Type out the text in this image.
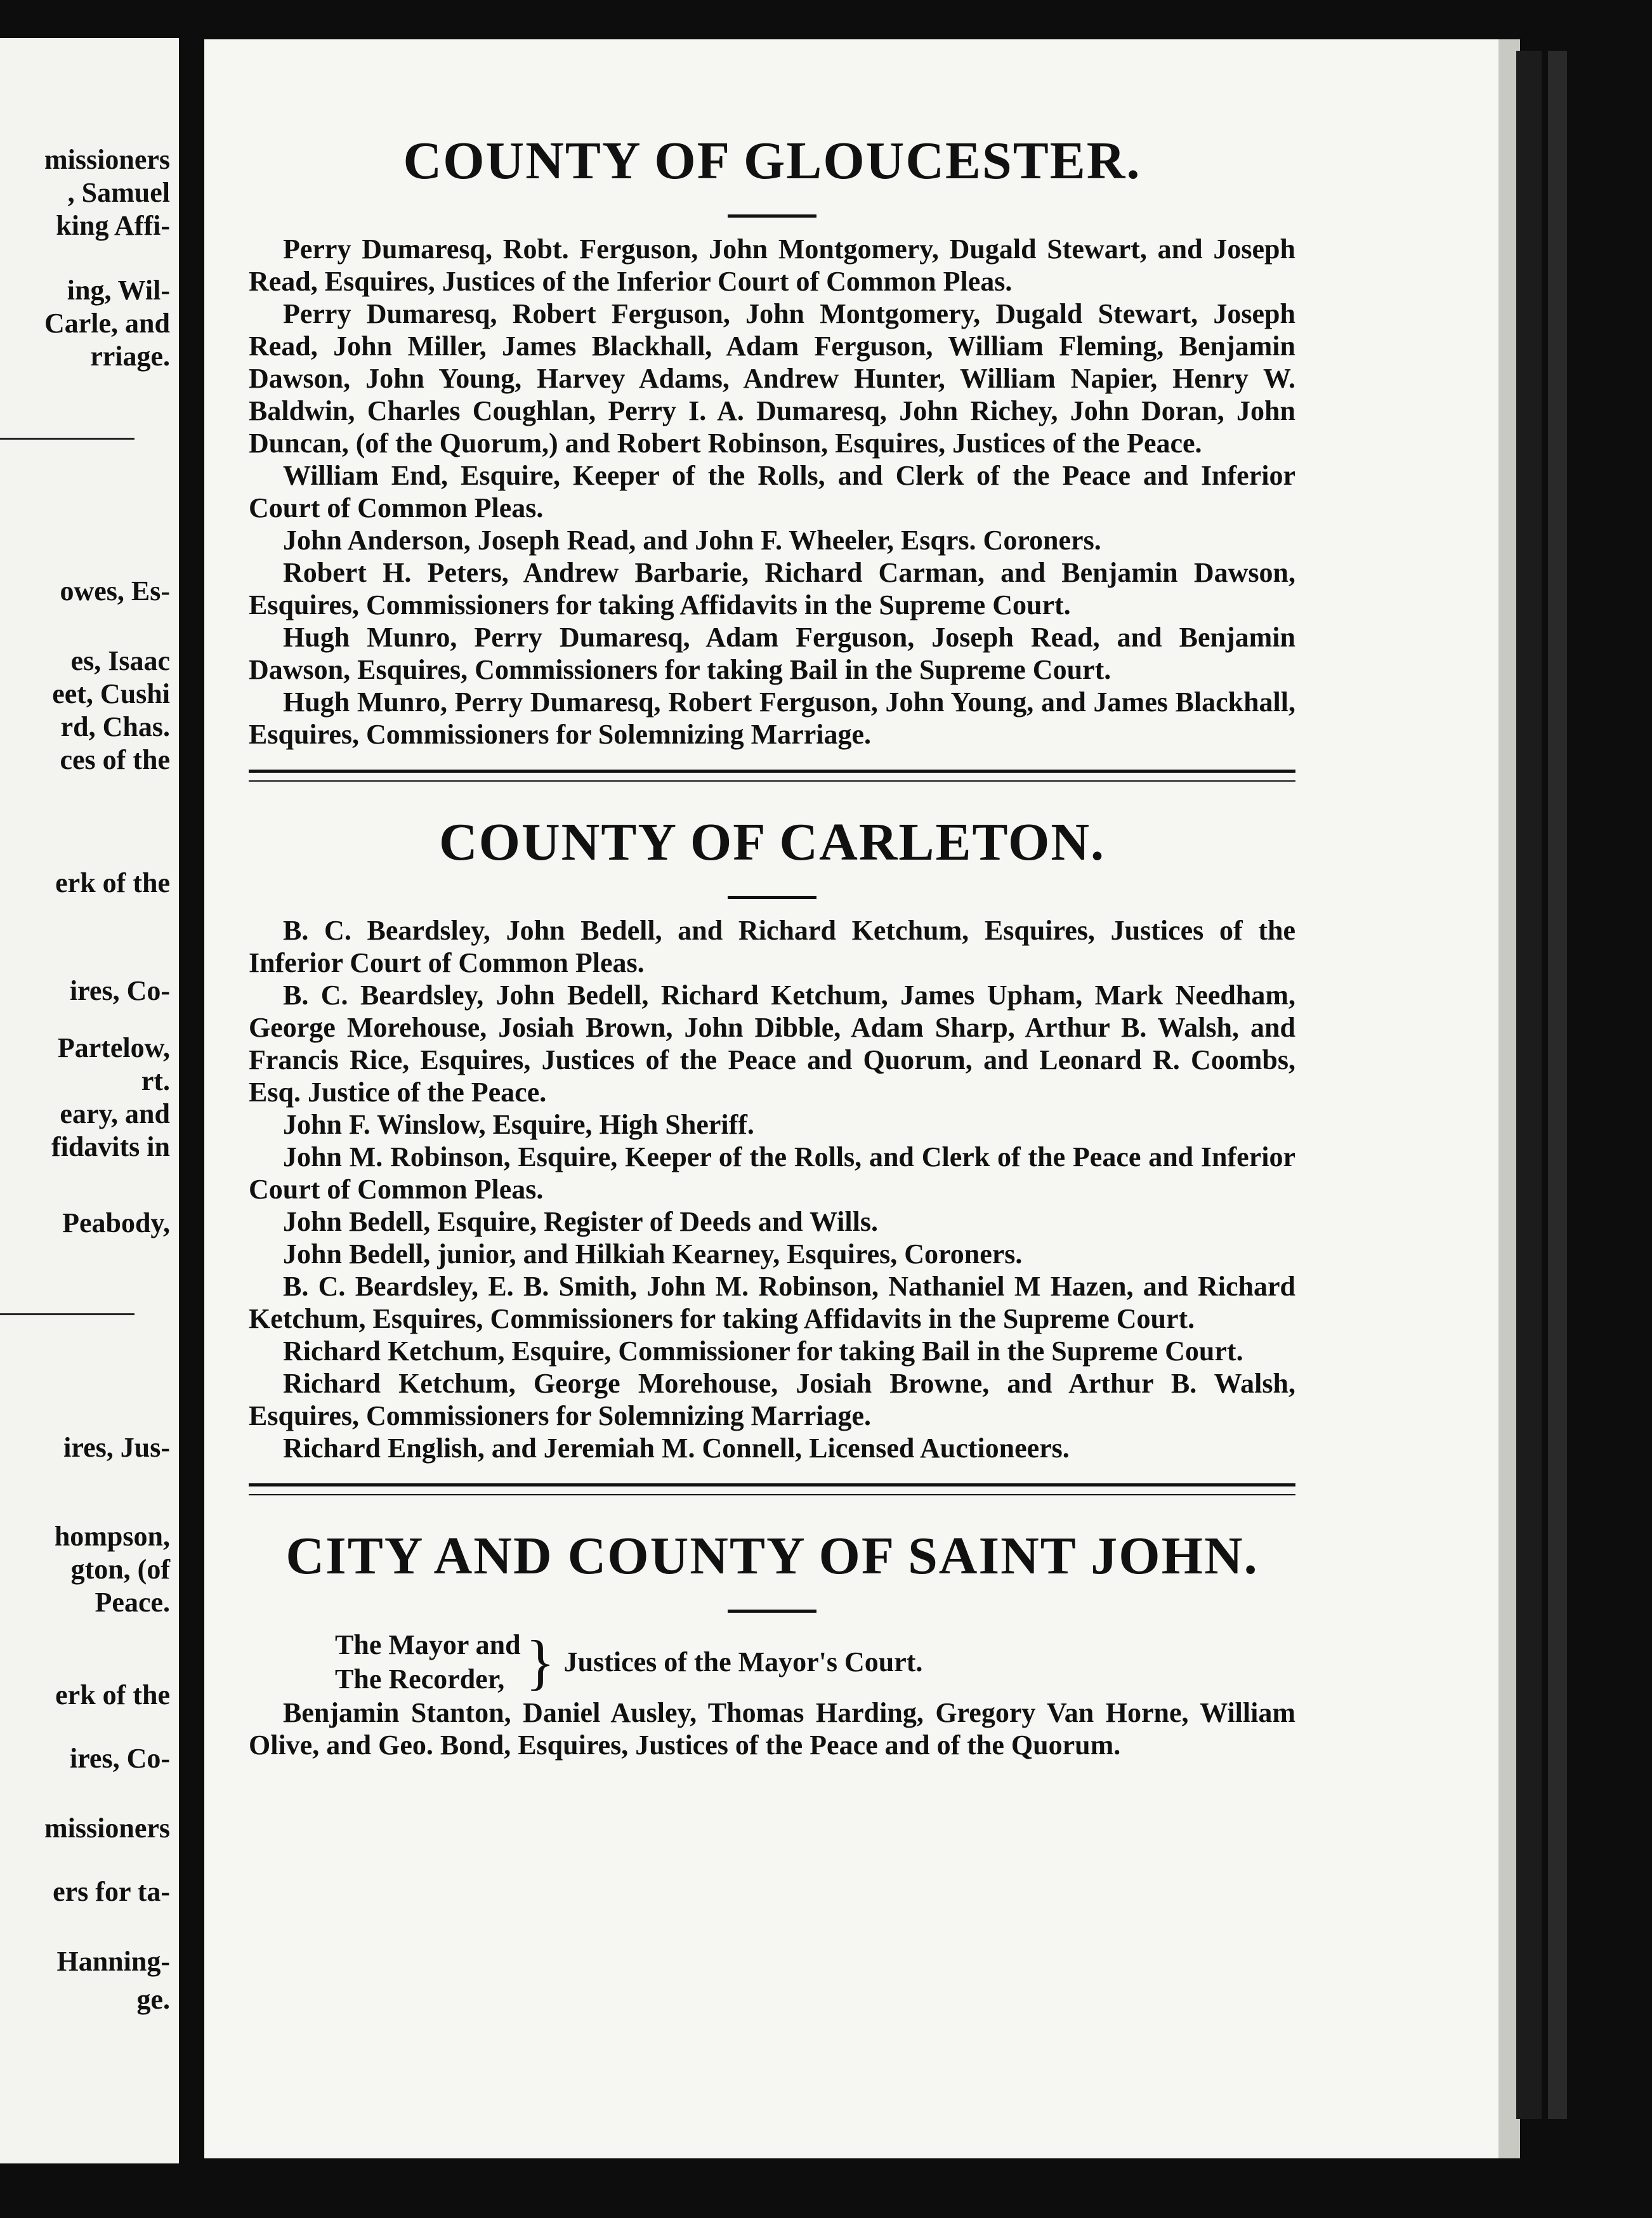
missioners
, Samuel
king Affi-
ing, Wil-
Carle, and
rriage.
owes, Es-
es, Isaac
eet, Cushi
rd, Chas.
ces of the
erk of the
ires, Co-
Partelow,
rt.
eary, and
fidavits in
Peabody,
ires, Jus-
hompson,
gton, (of
Peace.
erk of the
ires, Co-
missioners
ers for ta-
Hanning-
ge.
COUNTY OF GLOUCESTER.

Perry Dumaresq, Robt. Ferguson, John Montgomery, Dugald Stewart, and Joseph Read, Esquires, Justices of the Inferior Court of Common Pleas.

Perry Dumaresq, Robert Ferguson, John Montgomery, Dugald Stewart, Joseph Read, John Miller, James Blackhall, Adam Ferguson, William Fleming, Benjamin Dawson, John Young, Harvey Adams, Andrew Hunter, William Napier, Henry W. Baldwin, Charles Coughlan, Perry I. A. Dumaresq, John Richey, John Doran, John Duncan, (of the Quorum,) and Robert Robinson, Esquires, Justices of the Peace.

William End, Esquire, Keeper of the Rolls, and Clerk of the Peace and Inferior Court of Common Pleas.

John Anderson, Joseph Read, and John F. Wheeler, Esqrs. Coroners.

Robert H. Peters, Andrew Barbarie, Richard Carman, and Benjamin Dawson, Esquires, Commissioners for taking Affidavits in the Supreme Court.

Hugh Munro, Perry Dumaresq, Adam Ferguson, Joseph Read, and Benjamin Dawson, Esquires, Commissioners for taking Bail in the Supreme Court.

Hugh Munro, Perry Dumaresq, Robert Ferguson, John Young, and James Blackhall, Esquires, Commissioners for Solemnizing Marriage.

COUNTY OF CARLETON.

B. C. Beardsley, John Bedell, and Richard Ketchum, Esquires, Justices of the Inferior Court of Common Pleas.

B. C. Beardsley, John Bedell, Richard Ketchum, James Upham, Mark Needham, George Morehouse, Josiah Brown, John Dibble, Adam Sharp, Arthur B. Walsh, and Francis Rice, Esquires, Justices of the Peace and Quorum, and Leonard R. Coombs, Esq. Justice of the Peace.

John F. Winslow, Esquire, High Sheriff.

John M. Robinson, Esquire, Keeper of the Rolls, and Clerk of the Peace and Inferior Court of Common Pleas.

John Bedell, Esquire, Register of Deeds and Wills.

John Bedell, junior, and Hilkiah Kearney, Esquires, Coroners.

B. C. Beardsley, E. B. Smith, John M. Robinson, Nathaniel M Hazen, and Richard Ketchum, Esquires, Commissioners for taking Affidavits in the Supreme Court.

Richard Ketchum, Esquire, Commissioner for taking Bail in the Supreme Court.

Richard Ketchum, George Morehouse, Josiah Browne, and Arthur B. Walsh, Esquires, Commissioners for Solemnizing Marriage.

Richard English, and Jeremiah M. Connell, Licensed Auctioneers.

CITY AND COUNTY OF SAINT JOHN.
The Mayor and
The Recorder, } Justices of the Mayor's Court.

Benjamin Stanton, Daniel Ausley, Thomas Harding, Gregory Van Horne, William Olive, and Geo. Bond, Esquires, Justices of the Peace and of the Quorum.
